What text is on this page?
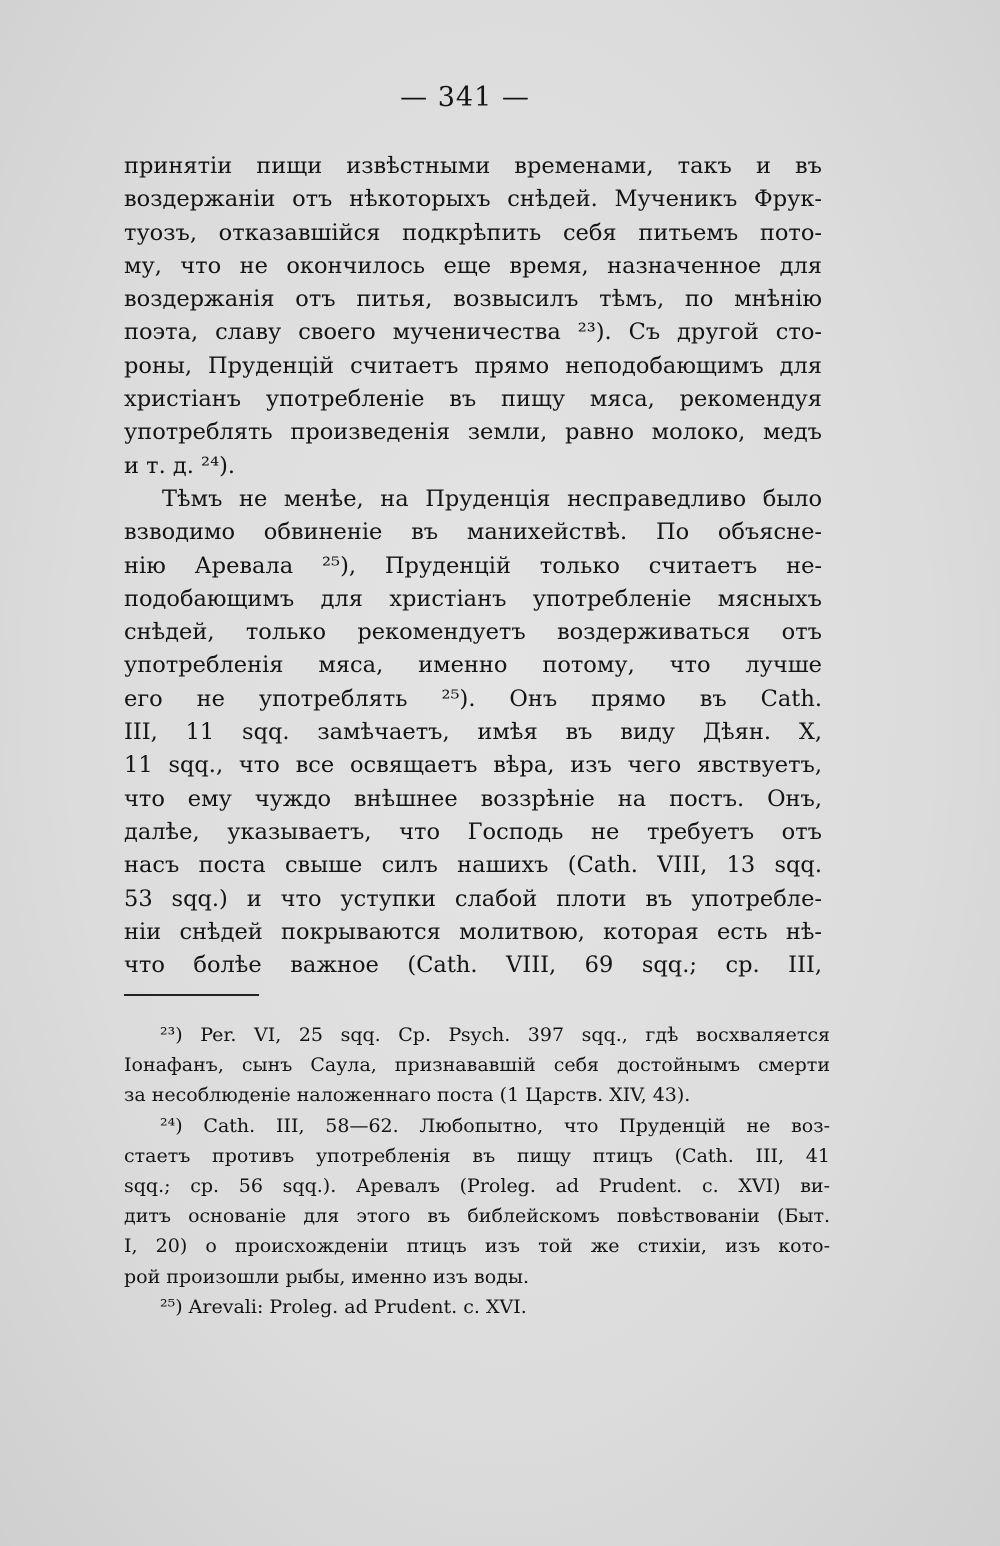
— 341 —
принятіи пищи извѣстными временами, такъ и въ
воздержаніи отъ нѣкоторыхъ снѣдей. Мученикъ Фрук-
туозъ, отказавшійся подкрѣпить себя питьемъ пото-
му, что не окончилось еще время, назначенное для
воздержанія отъ питья, возвысилъ тѣмъ, по мнѣнію
поэта, славу своего мученичества ²³). Съ другой сто-
роны, Пруденцій считаетъ прямо неподобающимъ для
христіанъ употребленіе въ пищу мяса, рекомендуя
употреблять произведенія земли, равно молоко, медъ
и т. д. ²⁴).
Тѣмъ не менѣе, на Пруденція несправедливо было
взводимо обвиненіе въ манихействѣ. По объясне-
нію Аревала ²⁵), Пруденцій только считаетъ не-
подобающимъ для христіанъ употребленіе мясныхъ
снѣдей, только рекомендуетъ воздерживаться отъ
употребленія мяса, именно потому, что лучше
его не употреблять ²⁵). Онъ прямо въ Cath.
III, 11 sqq. замѣчаетъ, имѣя въ виду Дѣян. X,
11 sqq., что все освящаетъ вѣра, изъ чего явствуетъ,
что ему чуждо внѣшнее воззрѣніе на постъ. Онъ,
далѣе, указываетъ, что Господь не требуетъ отъ
насъ поста свыше силъ нашихъ (Cath. VIII, 13 sqq.
53 sqq.) и что уступки слабой плоти въ употребле-
ніи снѣдей покрываются молитвою, которая есть нѣ-
что болѣе важное (Cath. VIII, 69 sqq.; ср. III,
²³) Per. VI, 25 sqq. Ср. Psych. 397 sqq., гдѣ восхваляется
Іонафанъ, сынъ Саула, признававшій себя достойнымъ смерти
за несоблюденіе наложеннаго поста (1 Царств. XIV, 43).
²⁴) Cath. III, 58—62. Любопытно, что Пруденцій не воз-
стаетъ противъ употребленія въ пищу птицъ (Cath. III, 41
sqq.; ср. 56 sqq.). Аревалъ (Proleg. ad Prudent. c. XVI) ви-
дитъ основаніе для этого въ библейскомъ повѣствованіи (Быт.
I, 20) о происхожденіи птицъ изъ той же стихіи, изъ кото-
рой произошли рыбы, именно изъ воды.
²⁵) Arevali: Proleg. ad Prudent. c. XVI.
